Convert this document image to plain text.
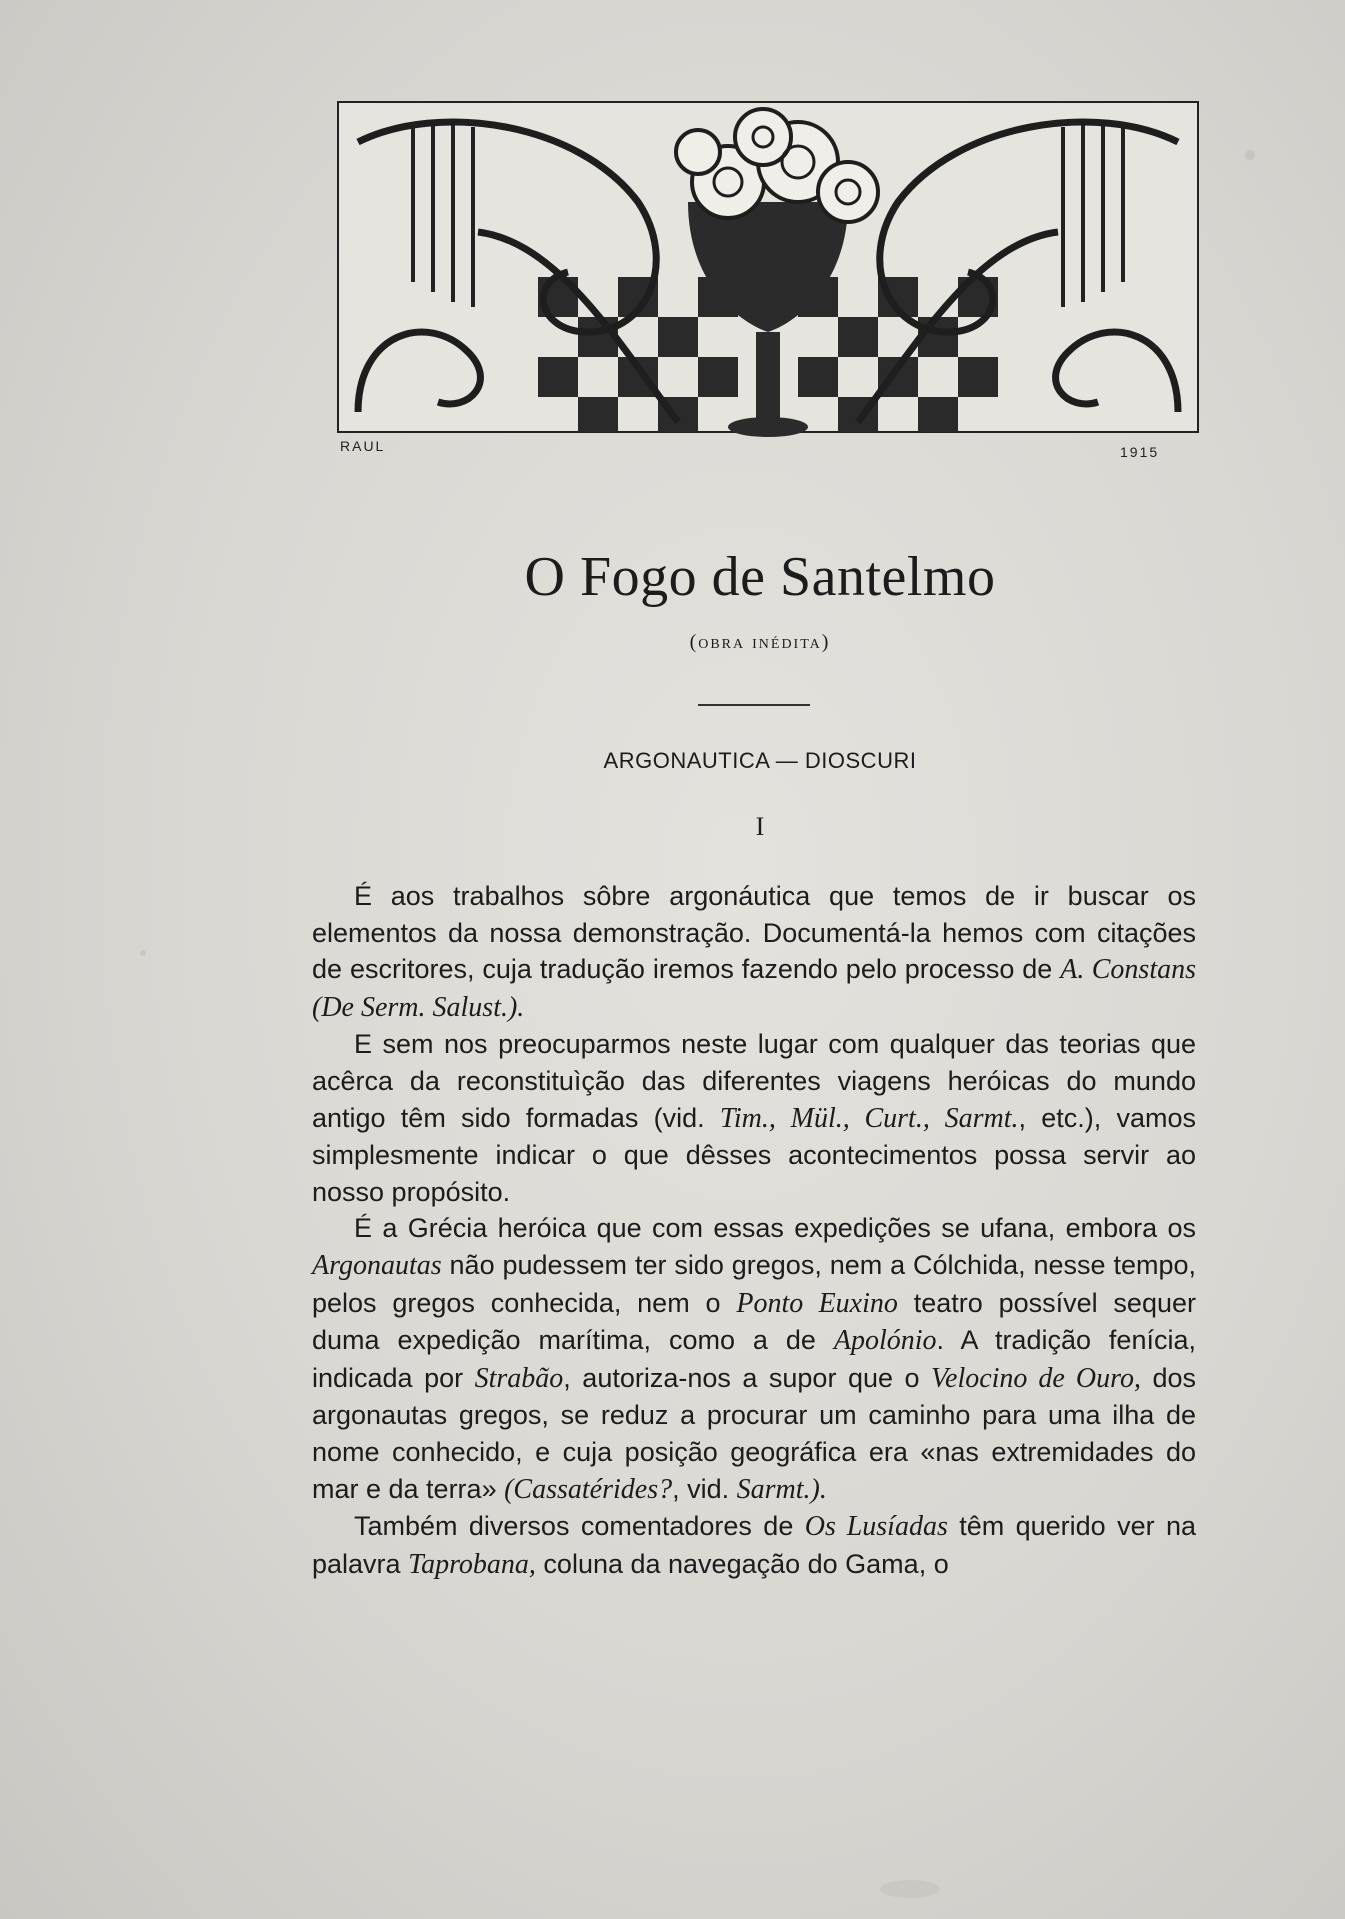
RAUL	1915
O Fogo de Santelmo
(obra inédita)
ARGONAUTICA — DIOSCURI
I

É aos trabalhos sôbre argonáutica que temos de ir buscar os elementos da nossa demonstração. Documentá-la hemos com citações de escritores, cuja tradução iremos fazendo pelo processo de A. Constans (De Serm. Salust.).

E sem nos preocuparmos neste lugar com qualquer das teorias que acêrca da reconstituìção das diferentes viagens heróicas do mundo antigo têm sido formadas (vid. Tim., Mül., Curt., Sarmt., etc.), vamos simplesmente indicar o que dêsses acontecimentos possa servir ao nosso propósito.

É a Grécia heróica que com essas expedições se ufana, embora os Argonautas não pudessem ter sido gregos, nem a Cólchida, nesse tempo, pelos gregos conhecida, nem o Ponto Euxino teatro possível sequer duma expedição marítima, como a de Apolónio. A tradição fenícia, indicada por Strabão, autoriza-nos a supor que o Velocino de Ouro, dos argonautas gregos, se reduz a procurar um caminho para uma ilha de nome conhecido, e cuja posição geográfica era «nas extremidades do mar e da terra» (Cassatérides?, vid. Sarmt.).

Também diversos comentadores de Os Lusíadas têm querido ver na palavra Taprobana, coluna da navegação do Gama, o
